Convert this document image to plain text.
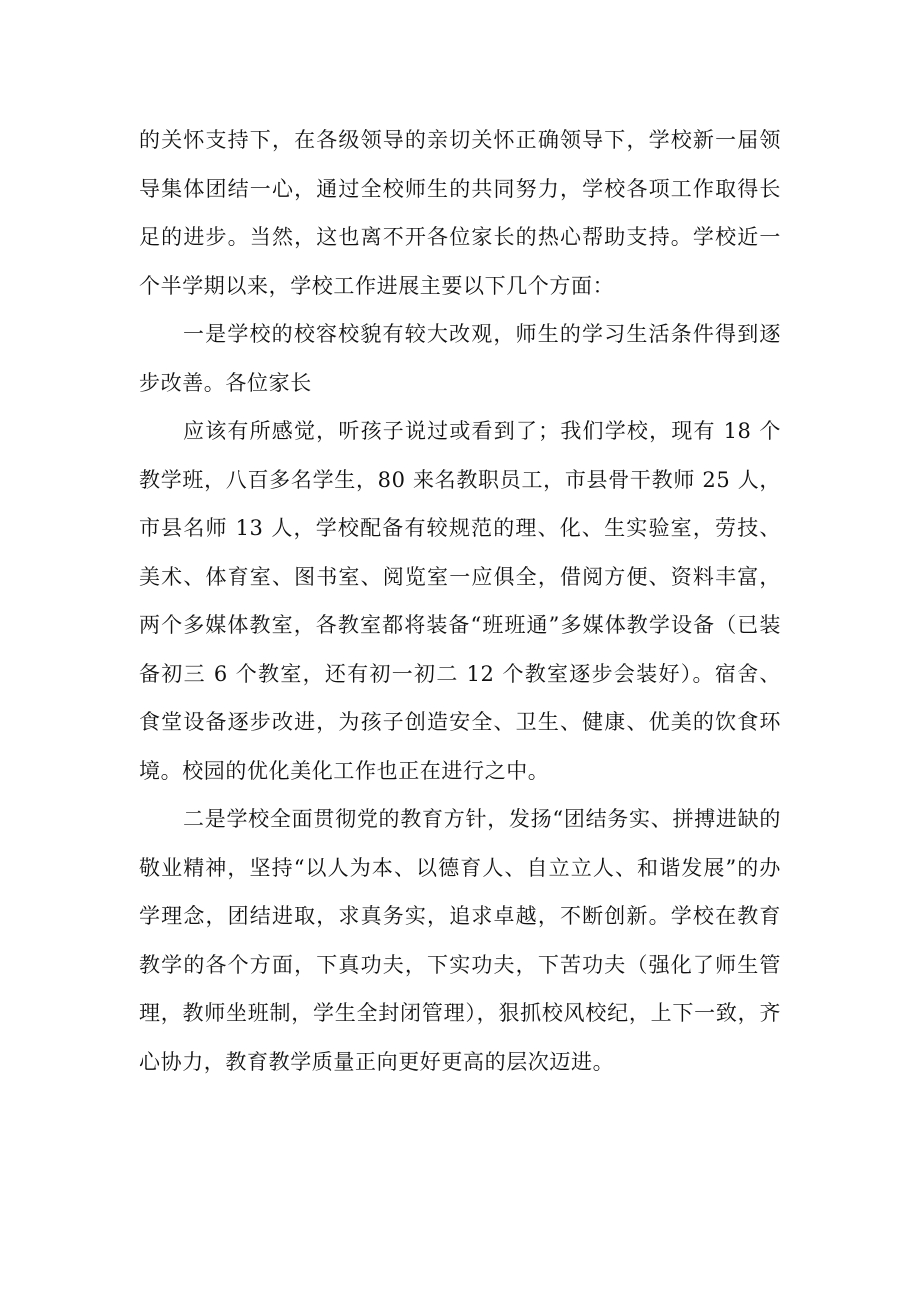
的关怀支持下，在各级领导的亲切关怀正确领导下，学校新一届领导集体团结一心，通过全校师生的共同努力，学校各项工作取得长足的进步。当然，这也离不开各位家长的热心帮助支持。学校近一个半学期以来，学校工作进展主要以下几个方面：

一是学校的校容校貌有较大改观，师生的学习生活条件得到逐步改善。各位家长

应该有所感觉，听孩子说过或看到了；我们学校，现有 18 个教学班，八百多名学生，80 来名教职员工，市县骨干教师 25 人，市县名师 13 人，学校配备有较规范的理、化、生实验室，劳技、美术、体育室、图书室、阅览室一应俱全，借阅方便、资料丰富，两个多媒体教室，各教室都将装备“班班通”多媒体教学设备（已装备初三 6 个教室，还有初一初二 12 个教室逐步会装好）。宿舍、食堂设备逐步改进，为孩子创造安全、卫生、健康、优美的饮食环境。校园的优化美化工作也正在进行之中。

二是学校全面贯彻党的教育方针，发扬“团结务实、拼搏进缺的敬业精神，坚持“以人为本、以德育人、自立立人、和谐发展”的办学理念，团结进取，求真务实，追求卓越，不断创新。学校在教育教学的各个方面，下真功夫，下实功夫，下苦功夫（强化了师生管理，教师坐班制，学生全封闭管理），狠抓校风校纪，上下一致，齐心协力，教育教学质量正向更好更高的层次迈进。
